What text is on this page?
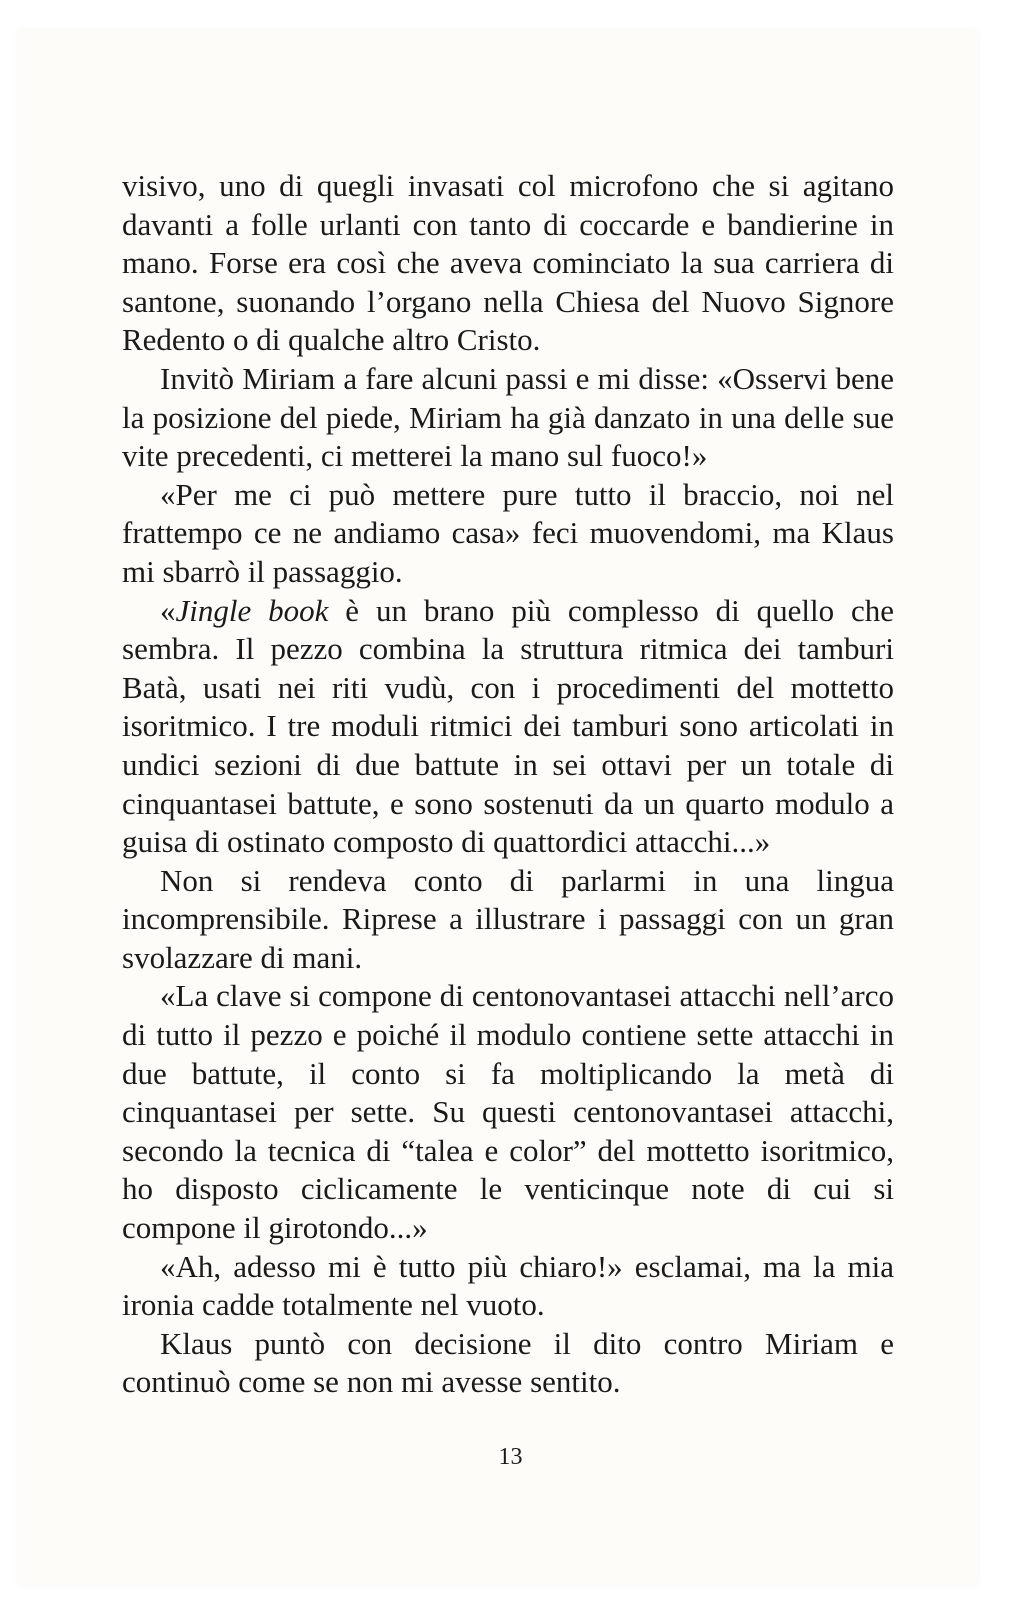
visivo, uno di quegli invasati col microfono che si agitano davanti a folle urlanti con tanto di coccarde e bandierine in mano. Forse era così che aveva cominciato la sua carriera di santone, suonando l’organo nella Chiesa del Nuovo Signore Redento o di qualche altro Cristo.

Invitò Miriam a fare alcuni passi e mi disse: «Osservi bene la posizione del piede, Miriam ha già danzato in una delle sue vite precedenti, ci metterei la mano sul fuoco!»

«Per me ci può mettere pure tutto il braccio, noi nel frattempo ce ne andiamo casa» feci muovendomi, ma Klaus mi sbarrò il passaggio.

«Jingle book è un brano più complesso di quello che sembra. Il pezzo combina la struttura ritmica dei tamburi Batà, usati nei riti vudù, con i procedimenti del mottetto isoritmico. I tre moduli ritmici dei tamburi sono articolati in undici sezioni di due battute in sei ottavi per un totale di cinquantasei battute, e sono sostenuti da un quarto modulo a guisa di ostinato composto di quattordici attacchi...»

Non si rendeva conto di parlarmi in una lingua incomprensibile. Riprese a illustrare i passaggi con un gran svolazzare di mani.

«La clave si compone di centonovantasei attacchi nell’arco di tutto il pezzo e poiché il modulo contiene sette attacchi in due battute, il conto si fa moltiplicando la metà di cinquantasei per sette. Su questi centonovantasei attacchi, secondo la tecnica di “talea e color” del mottetto isoritmico, ho disposto ciclicamente le venticinque note di cui si compone il girotondo...»

«Ah, adesso mi è tutto più chiaro!» esclamai, ma la mia ironia cadde totalmente nel vuoto.

Klaus puntò con decisione il dito contro Miriam e continuò come se non mi avesse sentito.

13
